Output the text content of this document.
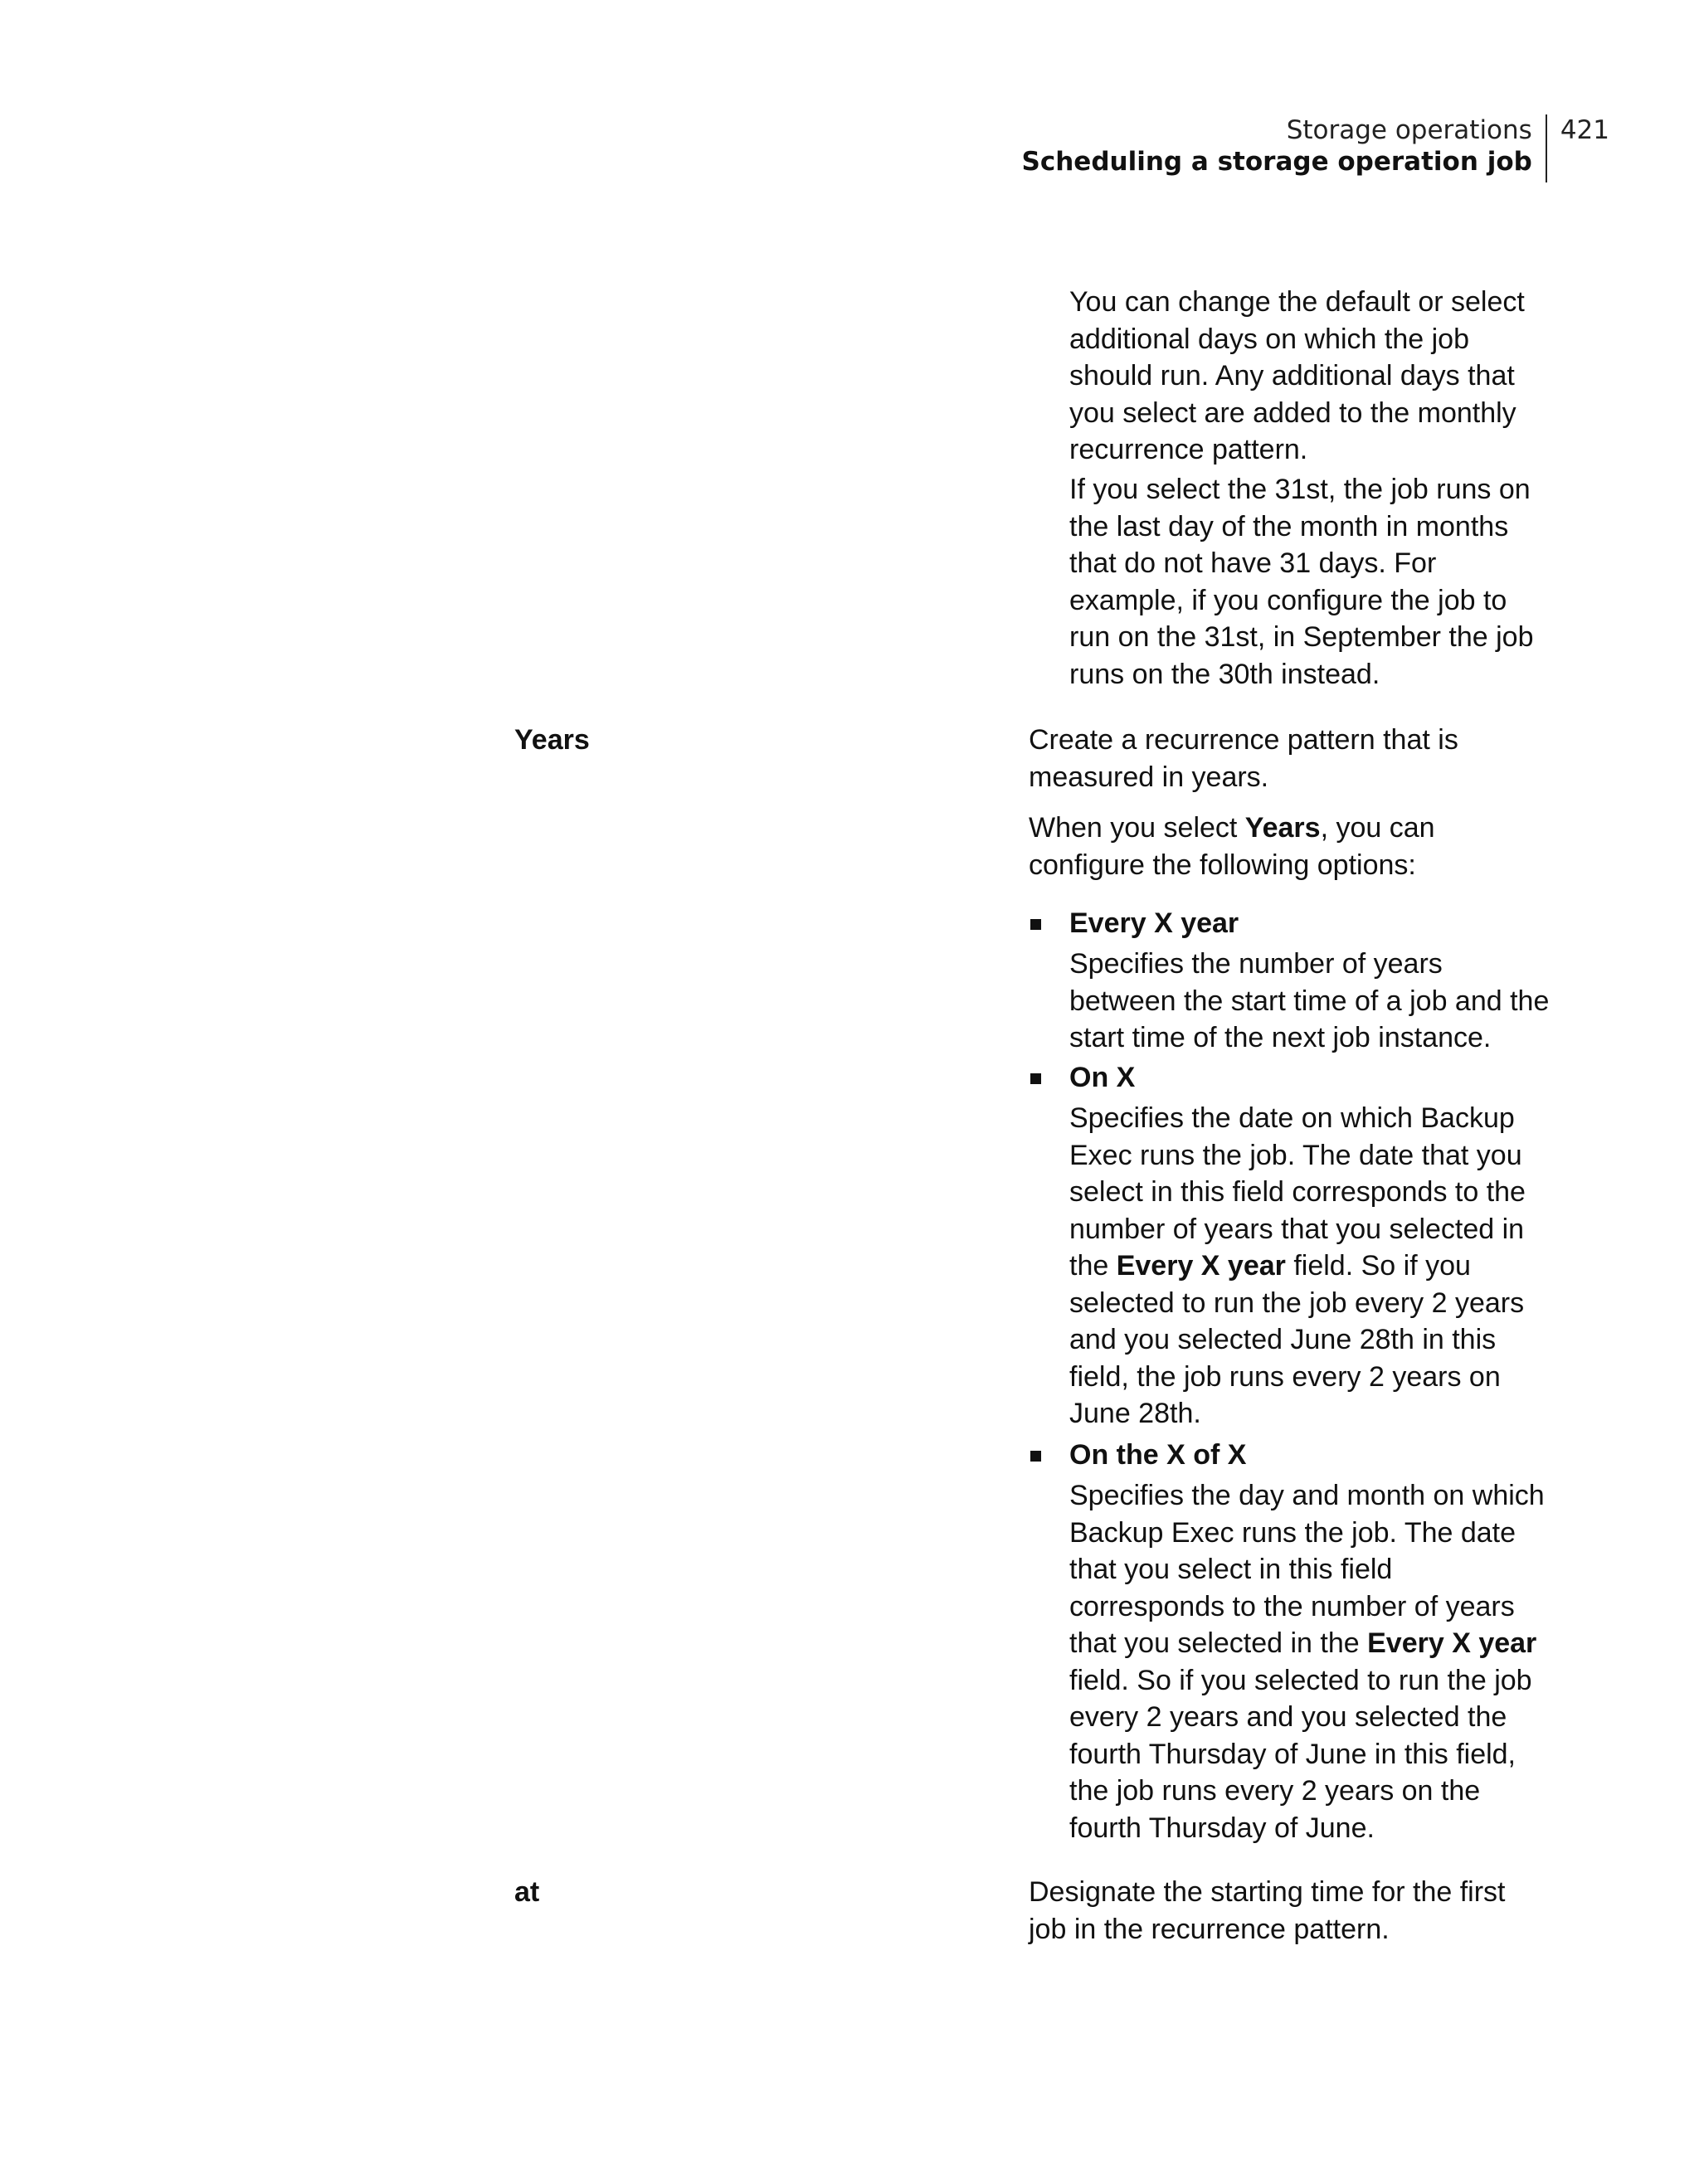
Storage operations
Scheduling a storage operation job
421

You can change the default or select additional days on which the job should run. Any additional days that you select are added to the monthly recurrence pattern.

If you select the 31st, the job runs on the last day of the month in months that do not have 31 days. For example, if you configure the job to run on the 31st, in September the job runs on the 30th instead.

Years	Create a recurrence pattern that is measured in years.

When you select Years, you can configure the following options:

Every X year

Specifies the number of years between the start time of a job and the start time of the next job instance.

On X

Specifies the date on which Backup Exec runs the job. The date that you select in this field corresponds to the number of years that you selected in the Every X year field. So if you selected to run the job every 2 years and you selected June 28th in this field, the job runs every 2 years on June 28th.

On the X of X

Specifies the day and month on which Backup Exec runs the job. The date that you select in this field corresponds to the number of years that you selected in the Every X year field. So if you selected to run the job every 2 years and you selected the fourth Thursday of June in this field, the job runs every 2 years on the fourth Thursday of June.

at	Designate the starting time for the first job in the recurrence pattern.
